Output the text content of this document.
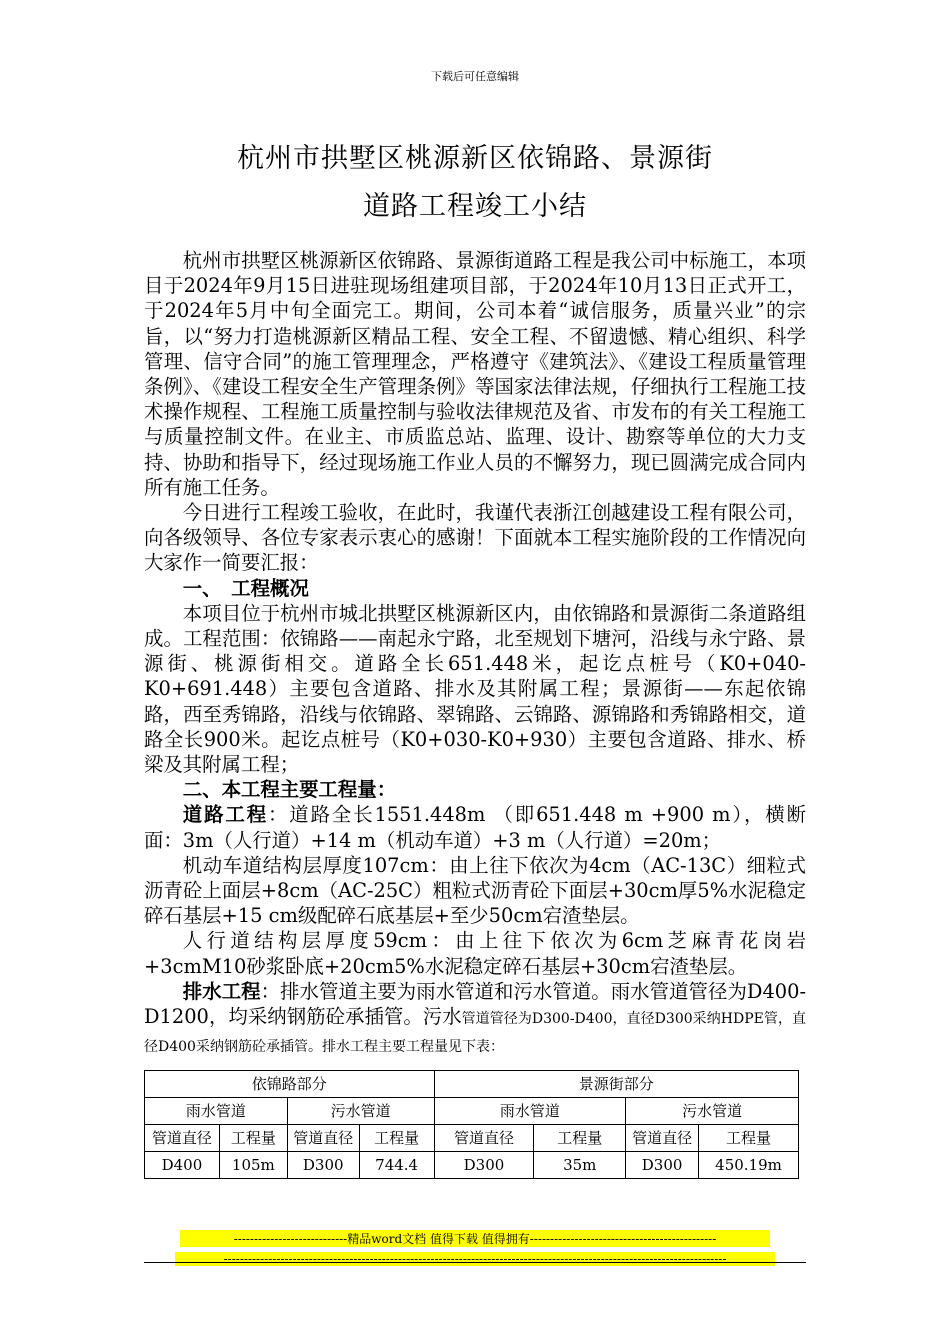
下载后可任意编辑
杭州市拱墅区桃源新区依锦路、景源街
道路工程竣工小结

杭州市拱墅区桃源新区依锦路、景源街道路工程是我公司中标施工，本项目于2024年9月15日进驻现场组建项目部，于2024年10月13日正式开工，于2024年5月中旬全面完工。期间，公司本着“诚信服务，质量兴业”的宗旨，以“努力打造桃源新区精品工程、安全工程、不留遗憾、精心组织、科学管理、信守合同”的施工管理理念，严格遵守《建筑法》、《建设工程质量管理条例》、《建设工程安全生产管理条例》等国家法律法规，仔细执行工程施工技术操作规程、工程施工质量控制与验收法律规范及省、市发布的有关工程施工与质量控制文件。在业主、市质监总站、监理、设计、勘察等单位的大力支持、协助和指导下，经过现场施工作业人员的不懈努力，现已圆满完成合同内所有施工任务。

今日进行工程竣工验收，在此时，我谨代表浙江创越建设工程有限公司，向各级领导、各位专家表示衷心的感谢！下面就本工程实施阶段的工作情况向大家作一简要汇报：

一、　工程概况

本项目位于杭州市城北拱墅区桃源新区内，由依锦路和景源街二条道路组成。工程范围：依锦路——南起永宁路，北至规划下塘河，沿线与永宁路、景源街、桃源街相交。道路全长651.448米，起讫点桩号（K0+040-K0+691.448）主要包含道路、排水及其附属工程；景源街——东起依锦路，西至秀锦路，沿线与依锦路、翠锦路、云锦路、源锦路和秀锦路相交，道路全长900米。起讫点桩号（K0+030-K0+930）主要包含道路、排水、桥梁及其附属工程；

二、本工程主要工程量：

道路工程：道路全长1551.448m （即651.448 m +900 m），横断面：3m（人行道）+14 m（机动车道）+3 m（人行道）=20m；

机动车道结构层厚度107cm：由上往下依次为4cm（AC-13C）细粒式沥青砼上面层+8cm（AC-25C）粗粒式沥青砼下面层+30cm厚5%水泥稳定碎石基层+15 cm级配碎石底基层+至少50cm宕渣垫层。

人行道结构层厚度59cm：由上往下依次为6cm芝麻青花岗岩+3cmM10砂浆卧底+20cm5%水泥稳定碎石基层+30cm宕渣垫层。

排水工程：排水管道主要为雨水管道和污水管道。雨水管道管径为D400-D1200，均采纳钢筋砼承插管。污水管道管径为D300-D400，直径D300采纳HDPE管，直径D400采纳钢筋砼承插管。排水工程主要工程量见下表：

依锦路部分				景源街部分			
雨水管道		污水管道		雨水管道		污水管道	
管道直径	工程量	管道直径	工程量	管道直径	工程量	管道直径	工程量
D400	105m	D300	744.4	D300	35m	D300	450.19m
----------------------------精品word文档 值得下载 值得拥有----------------------------------------------
----------------------------------------------------------------------------------------------------------------------------
